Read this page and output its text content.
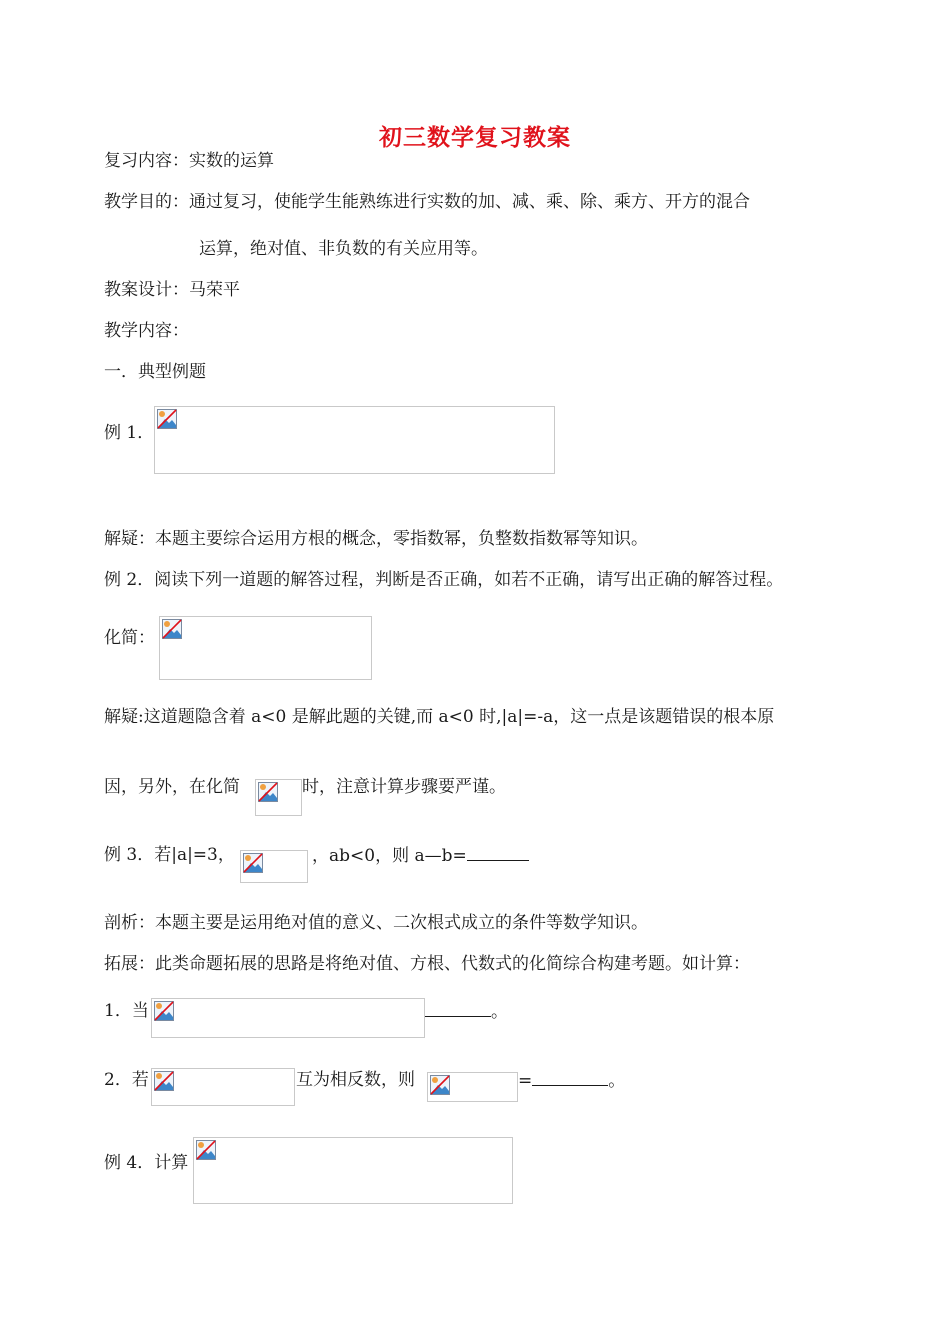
初三数学复习教案
复习内容：实数的运算
教学目的：通过复习，使能学生能熟练进行实数的加、减、乘、除、乘方、开方的混合
运算，绝对值、非负数的有关应用等。
教案设计：马荣平
教学内容：
一．典型例题
例 1．
解疑：本题主要综合运用方根的概念，零指数幂，负整数指数幂等知识。
例 2．阅读下列一道题的解答过程，判断是否正确，如若不正确，请写出正确的解答过程。
化简：
解疑:这道题隐含着 a<0 是解此题的关键,而 a<0 时,|a|=-a，这一点是该题错误的根本原
因，另外，在化简	时，注意计算步骤要严谨。
例 3．若|a|=3，	，ab<0，则 a—b=
剖析：本题主要是运用绝对值的意义、二次根式成立的条件等数学知识。
拓展：此类命题拓展的思路是将绝对值、方根、代数式的化简综合构建考题。如计算：
1．当	。
2．若	互为相反数，则	=	。
例 4．计算
